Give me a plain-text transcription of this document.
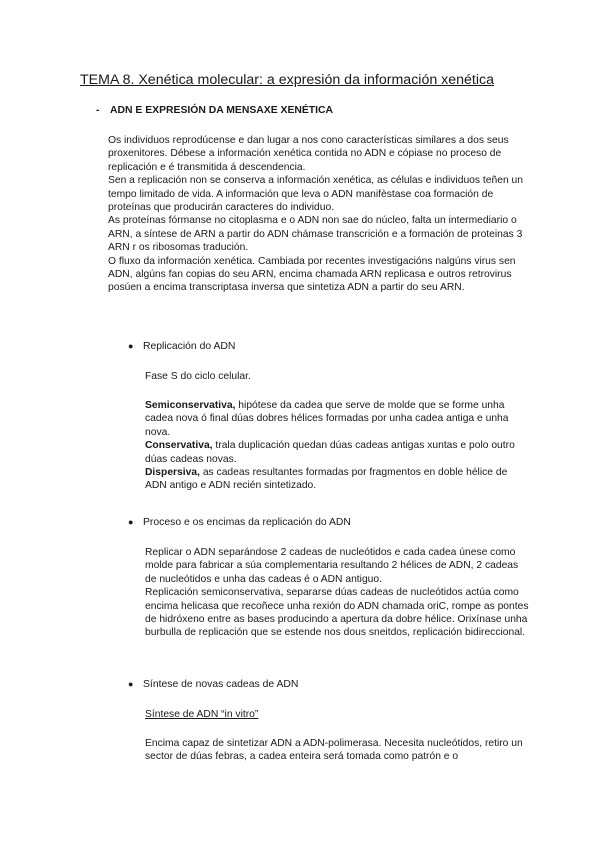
TEMA 8. Xenética molecular: a expresión da información xenética
- ADN E EXPRESIÓN DA MENSAXE XENÉTICA

Os individuos reprodúcense e dan lugar a nos cono características similares a dos seus proxenitores. Débese a información xenética contida no ADN e cópiase no proceso de replicación e é transmitida á descendencia.

Sen a replicación non se conserva a información xenética, as células e individuos teñen un tempo limitado de vida. A información que leva o ADN manifèstase coa formación de proteínas que producirán caracteres do individuo.

As proteínas fórmanse no citoplasma e o ADN non sae do núcleo, falta un intermediario o ARN, a síntese de ARN a partir do ADN chámase transcrición e a formación de proteinas 3 ARN r os ribosomas tradución.

O fluxo da información xenética. Cambiada por recentes investigacións nalgúns virus sen ADN, algúns fan copias do seu ARN, encima chamada ARN replicasa e outros retrovirus posúen a encima transcriptasa inversa que sintetiza ADN a partir do seu ARN.

● Replicación do ADN

Fase S do ciclo celular.

Semiconservativa, hipótese da cadea que serve de molde que se forme unha cadea nova ó final dúas dobres hélices formadas por unha cadea antiga e unha nova.

Conservativa, trala duplicación quedan dúas cadeas antigas xuntas e polo outro dúas cadeas novas.

Dispersiva, as cadeas resultantes formadas por fragmentos en doble hélice de ADN antigo e ADN recién sintetizado.

● Proceso e os encimas da replicación do ADN

Replicar o ADN separándose 2 cadeas de nucleótidos e cada cadea únese como molde para fabricar a súa complementaria resultando 2 hélices de ADN, 2 cadeas de nucleótidos e unha das cadeas é o ADN antiguo.

Replicación semiconservativa, separarse dúas cadeas de nucleótidos actúa como encima helicasa que recoñece unha rexión do ADN chamada oriC, rompe as pontes de hidróxeno entre as bases producindo a apertura da dobre hélice. Orixínase unha burbulla de replicación que se estende nos dous sneitdos, replicación bidireccional.

● Síntese de novas cadeas de ADN

Síntese de ADN “in vitro”

Encima capaz de sintetizar ADN a ADN-polimerasa. Necesita nucleótidos, retiro un sector de dúas febras, a cadea enteira será tomada como patrón e o
